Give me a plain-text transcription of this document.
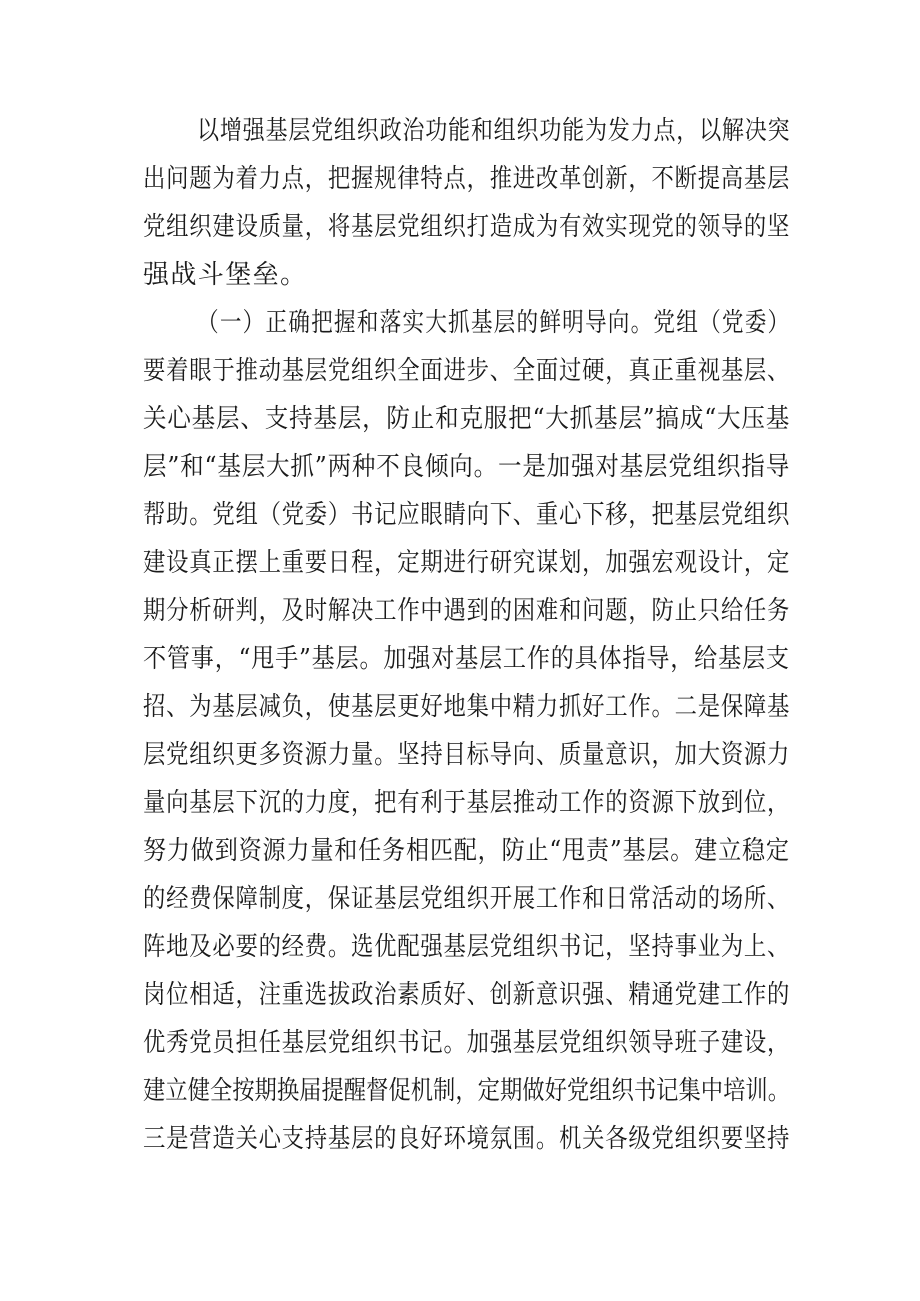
以增强基层党组织政治功能和组织功能为发力点，以解决突
出问题为着力点，把握规律特点，推进改革创新，不断提高基层
党组织建设质量，将基层党组织打造成为有效实现党的领导的坚
强战斗堡垒。
（一）正确把握和落实大抓基层的鲜明导向。党组（党委）
要着眼于推动基层党组织全面进步、全面过硬，真正重视基层、
关心基层、支持基层，防止和克服把“大抓基层”搞成“大压基
层”和“基层大抓”两种不良倾向。一是加强对基层党组织指导
帮助。党组（党委）书记应眼睛向下、重心下移，把基层党组织
建设真正摆上重要日程，定期进行研究谋划，加强宏观设计，定
期分析研判，及时解决工作中遇到的困难和问题，防止只给任务
不管事，“甩手”基层。加强对基层工作的具体指导，给基层支
招、为基层减负，使基层更好地集中精力抓好工作。二是保障基
层党组织更多资源力量。坚持目标导向、质量意识，加大资源力
量向基层下沉的力度，把有利于基层推动工作的资源下放到位，
努力做到资源力量和任务相匹配，防止“甩责”基层。建立稳定
的经费保障制度，保证基层党组织开展工作和日常活动的场所、
阵地及必要的经费。选优配强基层党组织书记，坚持事业为上、
岗位相适，注重选拔政治素质好、创新意识强、精通党建工作的
优秀党员担任基层党组织书记。加强基层党组织领导班子建设，
建立健全按期换届提醒督促机制，定期做好党组织书记集中培训。
三是营造关心支持基层的良好环境氛围。机关各级党组织要坚持
